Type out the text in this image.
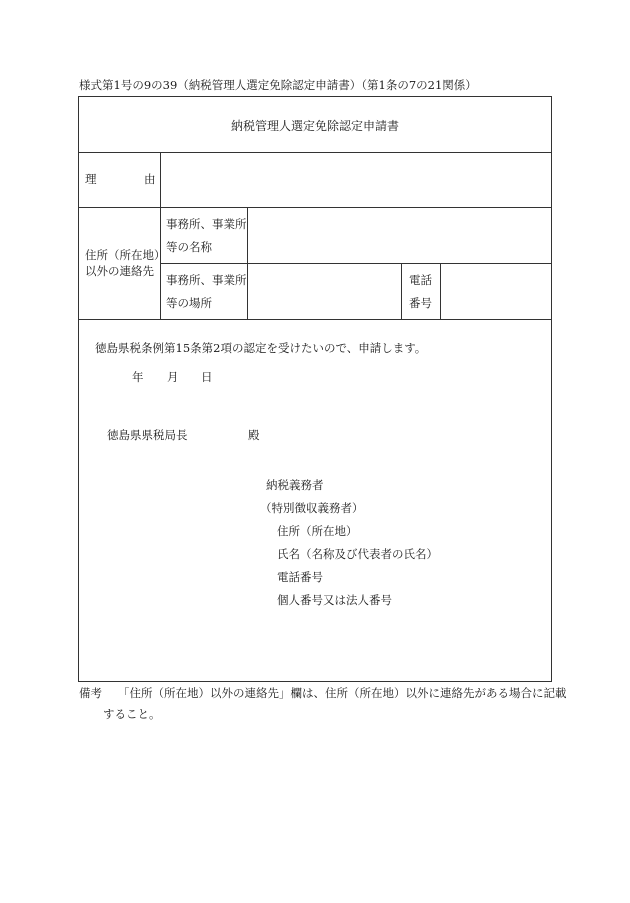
様式第1号の9の39（納税管理人選定免除認定申請書）（第1条の7の21関係）
納税管理人選定免除認定申請書
理	由
住所（所在地）
以外の連絡先
事務所、事業所
等の名称
事務所、事業所
等の場所
電話
番号
徳島県税条例第15条第2項の認定を受けたいので、申請します。
年 月 日
徳島県県税局長	殿
納税義務者
（特別徴収義務者）
住所（所在地）
氏名（名称及び代表者の氏名）
電話番号
個人番号又は法人番号
備考 「住所（所在地）以外の連絡先」欄は、住所（所在地）以外に連絡先がある場合に記載
すること。
